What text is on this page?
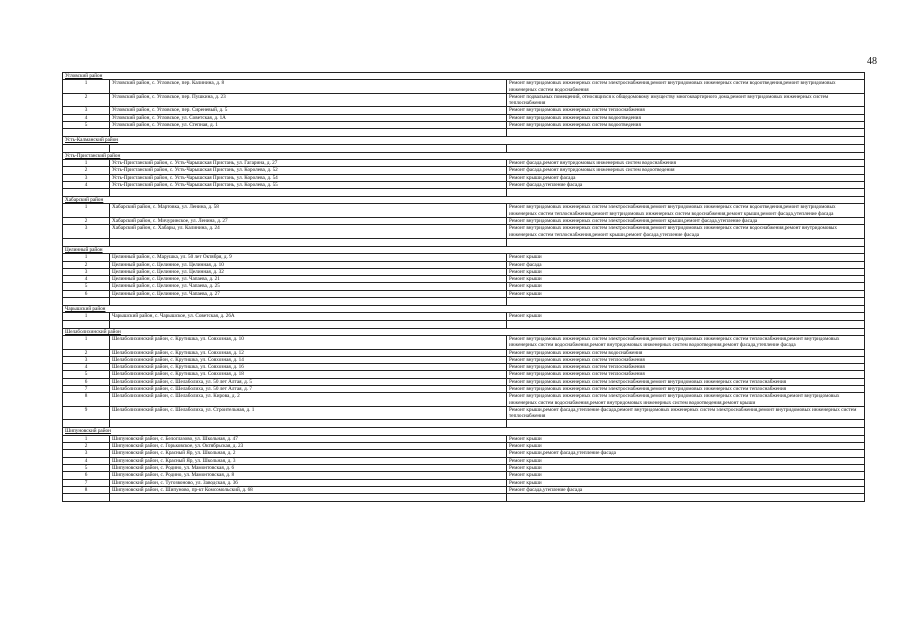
48
Угловский район
1	Угловский район, с. Угловское, пер. Калинина, д. 8	Ремонт внутридомовых инженерных систем электроснабжения,ремонт внутридомовых инженерных систем водоотведения,ремонт внутридомовых инженерных систем водоснабжения
2	Угловский район, с. Угловское, пер. Пушкина, д. 23	Ремонт подвальных помещений, относящихся к общедомовому имуществу многоквартирного дома,ремонт внутридомовых инженерных систем теплоснабжения
3	Угловский район, с. Угловское, пер. Сиреневый, д. 5	Ремонт внутридомовых инженерных систем теплоснабжения
4	Угловский район, с. Угловское, ул. Советская, д. 1А	Ремонт внутридомовых инженерных систем водоотведения
5	Угловский район, с. Угловское, ул. Степная, д. 1	Ремонт внутридомовых инженерных систем водоотведения
Усть-Калманский район
Усть-Пристанский район
1	Усть-Пристанский район, с. Усть-Чарышская Пристань, ул. Гагарина, д. 27	Ремонт фасада,ремонт внутридомовых инженерных систем водоснабжения
2	Усть-Пристанский район, с. Усть-Чарышская Пристань, ул. Королева, д. 52	Ремонт фасада,ремонт внутридомовых инженерных систем водоотведения
3	Усть-Пристанский район, с. Усть-Чарышская Пристань, ул. Королева, д. 54	Ремонт крыши,ремонт фасада
4	Усть-Пристанский район, с. Усть-Чарышская Пристань, ул. Королева, д. 55	Ремонт фасада,утепление фасада
Хабарский район
1	Хабарский район, с. Мартовка, ул. Ленина, д. 58	Ремонт внутридомовых инженерных систем электроснабжения,ремонт внутридомовых инженерных систем водоотведения,ремонт внутридомовых инженерных систем теплоснабжения,ремонт внутридомовых инженерных систем водоснабжения,ремонт крыши,ремонт фасада,утепление фасада
2	Хабарский район, с. Мичуринское, ул. Ленина, д. 27	Ремонт внутридомовых инженерных систем электроснабжения,ремонт крыши,ремонт фасада,утепление фасада
3	Хабарский район, с. Хабары, ул. Калинина, д. 24	Ремонт внутридомовых инженерных систем электроснабжения,ремонт внутридомовых инженерных систем водоснабжения,ремонт внутридомовых инженерных систем теплоснабжения,ремонт крыши,ремонт фасада,утепление фасада
Целинный район
1	Целинный район, с. Марушка, ул. 50 лет Октября, д. 9	Ремонт крыши
2	Целинный район, с. Целинное, ул. Целинная, д. 10	Ремонт фасада
3	Целинный район, с. Целинное, ул. Целинная, д. 32	Ремонт крыши
4	Целинный район, с. Целинное, ул. Чапаева, д. 21	Ремонт крыши
5	Целинный район, с. Целинное, ул. Чапаева, д. 25	Ремонт крыши
6	Целинный район, с. Целинное, ул. Чапаева, д. 27	Ремонт крыши
Чарышский район
1	Чарышский район, с. Чарышское, ул. Советская, д. 26А	Ремонт крыши
Шелаболихинский район
1	Шелаболихинский район, с. Крутишка, ул. Совхозная, д. 10	Ремонт внутридомовых инженерных систем электроснабжения,ремонт внутридомовых инженерных систем теплоснабжения,ремонт внутридомовых инженерных систем водоснабжения,ремонт внутридомовых инженерных систем водоотведения,ремонт фасада,утепление фасада
2	Шелаболихинский район, с. Крутишка, ул. Совхозная, д. 12	Ремонт внутридомовых инженерных систем водоснабжения
3	Шелаболихинский район, с. Крутишка, ул. Совхозная, д. 14	Ремонт внутридомовых инженерных систем теплоснабжения
4	Шелаболихинский район, с. Крутишка, ул. Совхозная, д. 16	Ремонт внутридомовых инженерных систем теплоснабжения
5	Шелаболихинский район, с. Крутишка, ул. Совхозная, д. 18	Ремонт внутридомовых инженерных систем теплоснабжения
6	Шелаболихинский район, с. Шелаболиха, ул. 50 лет Алтая, д. 5	Ремонт внутридомовых инженерных систем электроснабжения,ремонт внутридомовых инженерных систем теплоснабжения
7	Шелаболихинский район, с. Шелаболиха, ул. 50 лет Алтая, д. 7	Ремонт внутридомовых инженерных систем электроснабжения,ремонт внутридомовых инженерных систем теплоснабжения
8	Шелаболихинский район, с. Шелаболиха, ул. Кирова, д. 2	Ремонт внутридомовых инженерных систем электроснабжения,ремонт внутридомовых инженерных систем теплоснабжения,ремонт внутридомовых инженерных систем водоснабжения,ремонт внутридомовых инженерных систем водоотведения,ремонт крыши
9	Шелаболихинский район, с. Шелаболиха, ул. Строительная, д. 1	Ремонт крыши,ремонт фасада,утепление фасада,ремонт внутридомовых инженерных систем электроснабжения,ремонт внутридомовых инженерных систем теплоснабжения
Шипуновский район
1	Шипуновский район, с. Белоглазово, ул. Школьная, д. 47	Ремонт крыши
2	Шипуновский район, с. Горьковское, ул. Октябрьская, д. 23	Ремонт крыши
3	Шипуновский район, с. Красный Яр, ул. Школьная, д. 2	Ремонт крыши,ремонт фасада,утепление фасада
4	Шипуновский район, с. Красный Яр, ул. Школьная, д. 3	Ремонт крыши
5	Шипуновский район, с. Родино, ул. Мамонтовская, д. 6	Ремонт крыши
6	Шипуновский район, с. Родино, ул. Мамонтовская, д. 8	Ремонт крыши
7	Шипуновский район, с. Тугозвоново, ул. Заводская, д. 36	Ремонт крыши
8	Шипуновский район, с. Шипуново, пр-кт Комсомольский, д. 68	Ремонт фасада,утепление фасада
